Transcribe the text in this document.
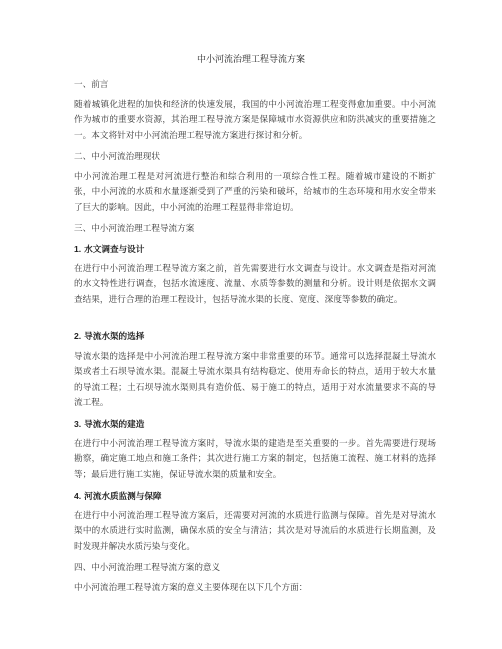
中小河流治理工程导流方案
一、前言
随着城镇化进程的加快和经济的快速发展，我国的中小河流治理工程变得愈加重要。中小河流作为城市的重要水资源，其治理工程导流方案是保障城市水资源供应和防洪减灾的重要措施之一。本文将针对中小河流治理工程导流方案进行探讨和分析。
二、中小河流治理现状
中小河流治理工程是对河流进行整治和综合利用的一项综合性工程。随着城市建设的不断扩张，中小河流的水质和水量逐渐受到了严重的污染和破坏，给城市的生态环境和用水安全带来了巨大的影响。因此，中小河流的治理工程显得非常迫切。
三、中小河流治理工程导流方案
1. 水文调查与设计
在进行中小河流治理工程导流方案之前，首先需要进行水文调查与设计。水文调查是指对河流的水文特性进行调查，包括水流速度、流量、水质等参数的测量和分析。设计则是依据水文调查结果，进行合理的治理工程设计，包括导流水渠的长度、宽度、深度等参数的确定。
2. 导流水渠的选择
导流水渠的选择是中小河流治理工程导流方案中非常重要的环节。通常可以选择混凝土导流水渠或者土石坝导流水渠。混凝土导流水渠具有结构稳定、使用寿命长的特点，适用于较大水量的导流工程；土石坝导流水渠则具有造价低、易于施工的特点，适用于对水流量要求不高的导流工程。
3. 导流水渠的建造
在进行中小河流治理工程导流方案时，导流水渠的建造是至关重要的一步。首先需要进行现场勘察，确定施工地点和施工条件；其次进行施工方案的制定，包括施工流程、施工材料的选择等；最后进行施工实施，保证导流水渠的质量和安全。
4. 河流水质监测与保障
在进行中小河流治理工程导流方案后，还需要对河流的水质进行监测与保障。首先是对导流水渠中的水质进行实时监测，确保水质的安全与清洁；其次是对导流后的水质进行长期监测，及时发现并解决水质污染与变化。
四、中小河流治理工程导流方案的意义
中小河流治理工程导流方案的意义主要体现在以下几个方面：
